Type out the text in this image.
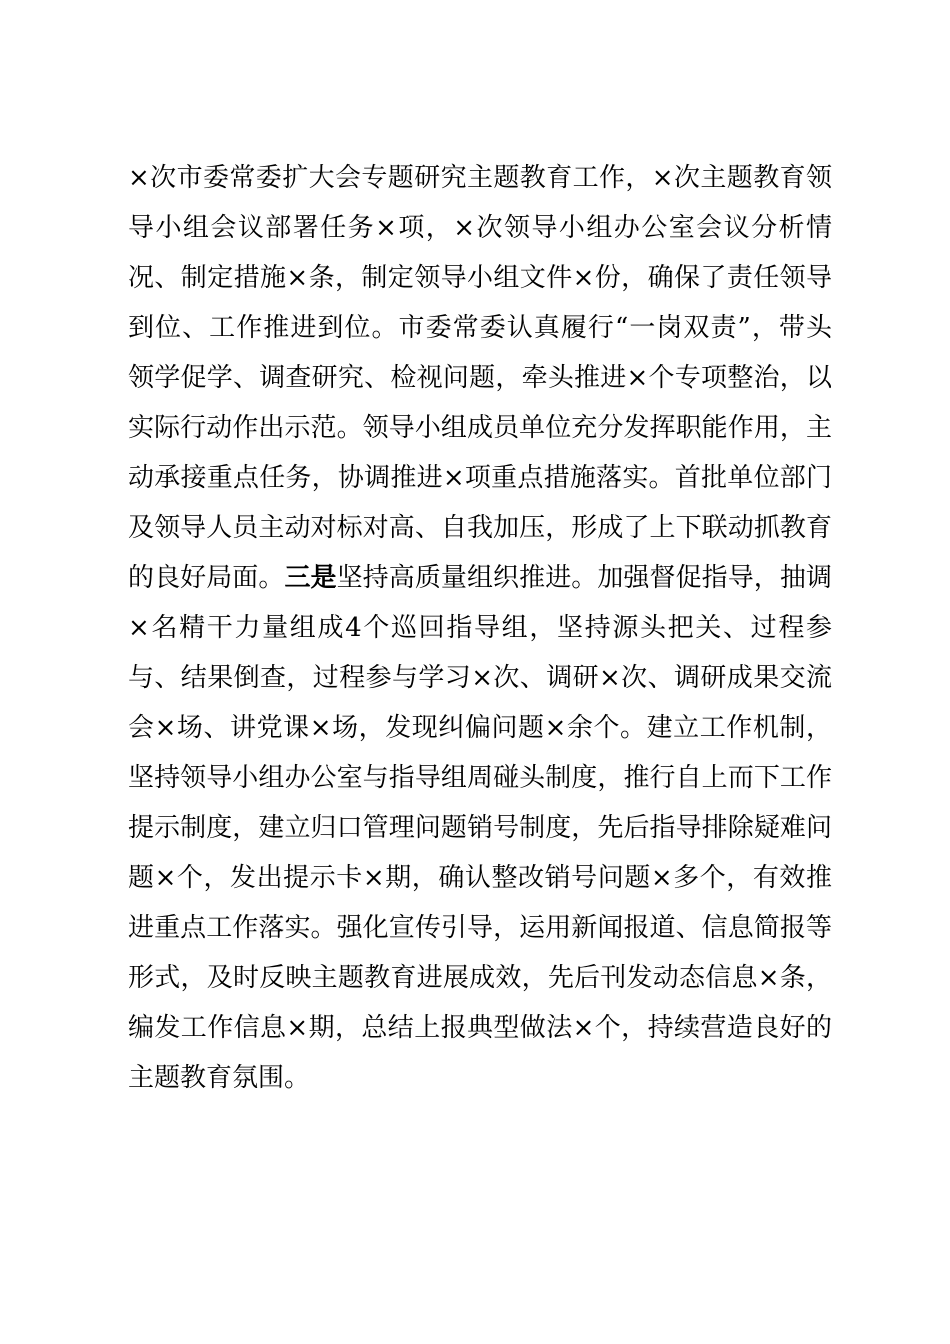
×次市委常委扩大会专题研究主题教育工作，×次主题教育领
导小组会议部署任务×项，×次领导小组办公室会议分析情
况、制定措施×条，制定领导小组文件×份，确保了责任领导
到位、工作推进到位。市委常委认真履行“一岗双责”，带头
领学促学、调查研究、检视问题，牵头推进×个专项整治，以
实际行动作出示范。领导小组成员单位充分发挥职能作用，主
动承接重点任务，协调推进×项重点措施落实。首批单位部门
及领导人员主动对标对高、自我加压，形成了上下联动抓教育
的良好局面。三是坚持高质量组织推进。加强督促指导，抽调
×名精干力量组成4个巡回指导组，坚持源头把关、过程参
与、结果倒查，过程参与学习×次、调研×次、调研成果交流
会×场、讲党课×场，发现纠偏问题×余个。建立工作机制，
坚持领导小组办公室与指导组周碰头制度，推行自上而下工作
提示制度，建立归口管理问题销号制度，先后指导排除疑难问
题×个，发出提示卡×期，确认整改销号问题×多个，有效推
进重点工作落实。强化宣传引导，运用新闻报道、信息简报等
形式，及时反映主题教育进展成效，先后刊发动态信息×条，
编发工作信息×期，总结上报典型做法×个，持续营造良好的
主题教育氛围。
